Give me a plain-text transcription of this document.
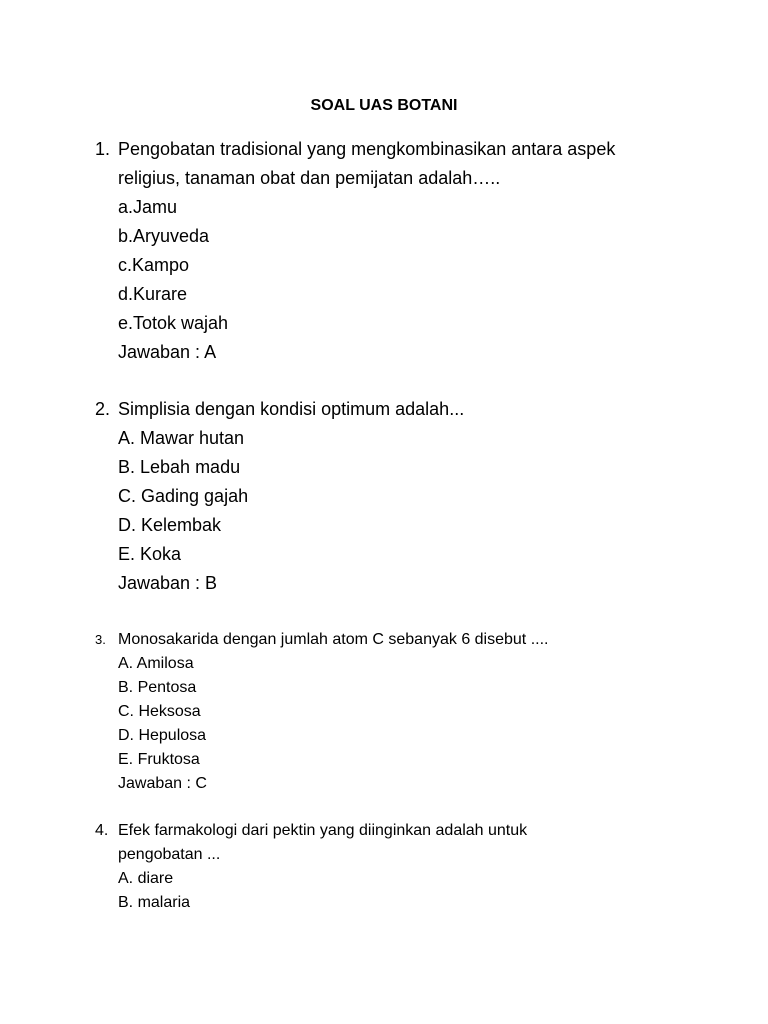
SOAL UAS BOTANI
1. Pengobatan tradisional yang mengkombinasikan antara aspek
religius, tanaman obat dan pemijatan adalah…..
a.Jamu
b.Aryuveda
c.Kampo
d.Kurare
e.Totok wajah
Jawaban : A
2. Simplisia dengan kondisi optimum adalah...
A. Mawar hutan
B. Lebah madu
C. Gading gajah
D. Kelembak
E. Koka
Jawaban : B
3. Monosakarida dengan jumlah atom C sebanyak 6 disebut ....
A. Amilosa
B. Pentosa
C. Heksosa
D. Hepulosa
E. Fruktosa
Jawaban : C
4. Efek farmakologi dari pektin yang diinginkan adalah untuk
pengobatan ...
A. diare
B. malaria
